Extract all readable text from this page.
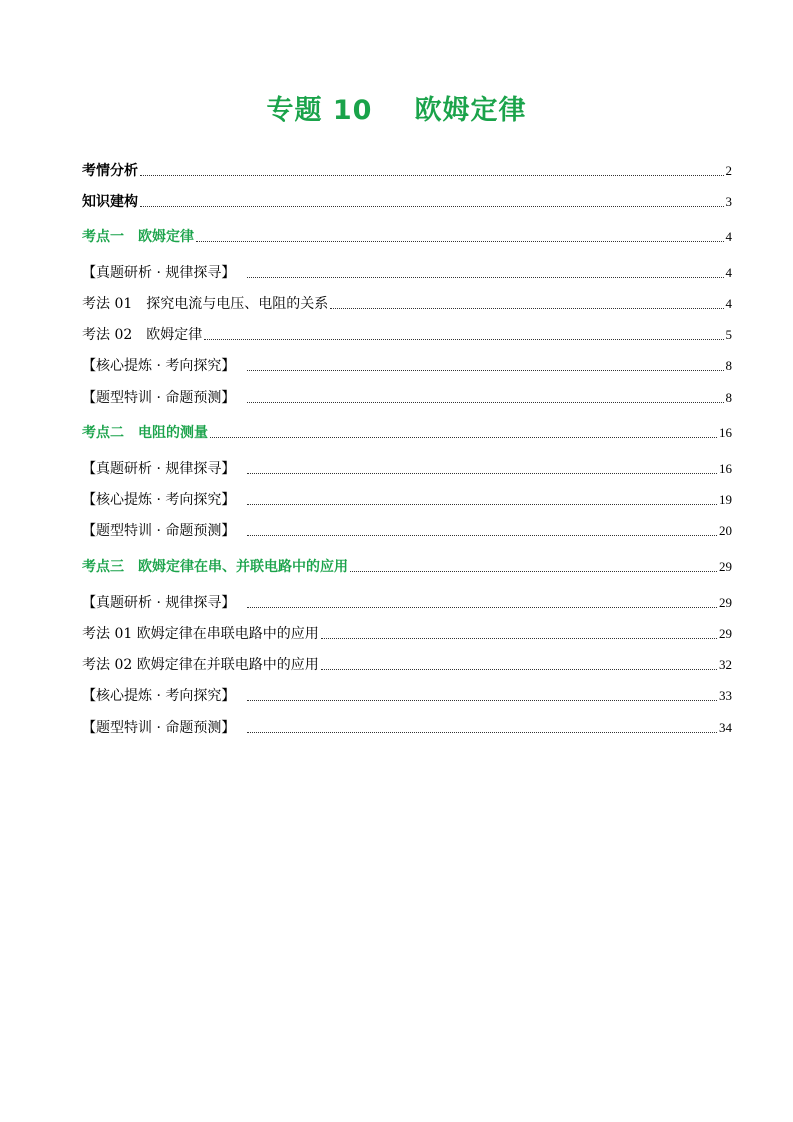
专题 10 欧姆定律
考情分析	2
知识建构	3
考点一　欧姆定律	4
【真题研析 · 规律探寻】	4
考法 01　探究电流与电压、电阻的关系	4
考法 02　欧姆定律	5
【核心提炼 · 考向探究】	8
【题型特训 · 命题预测】	8
考点二　电阻的测量	16
【真题研析 · 规律探寻】	16
【核心提炼 · 考向探究】	19
【题型特训 · 命题预测】	20
考点三　欧姆定律在串、并联电路中的应用	29
【真题研析 · 规律探寻】	29
考法 01 欧姆定律在串联电路中的应用	29
考法 02 欧姆定律在并联电路中的应用	32
【核心提炼 · 考向探究】	33
【题型特训 · 命题预测】	34
